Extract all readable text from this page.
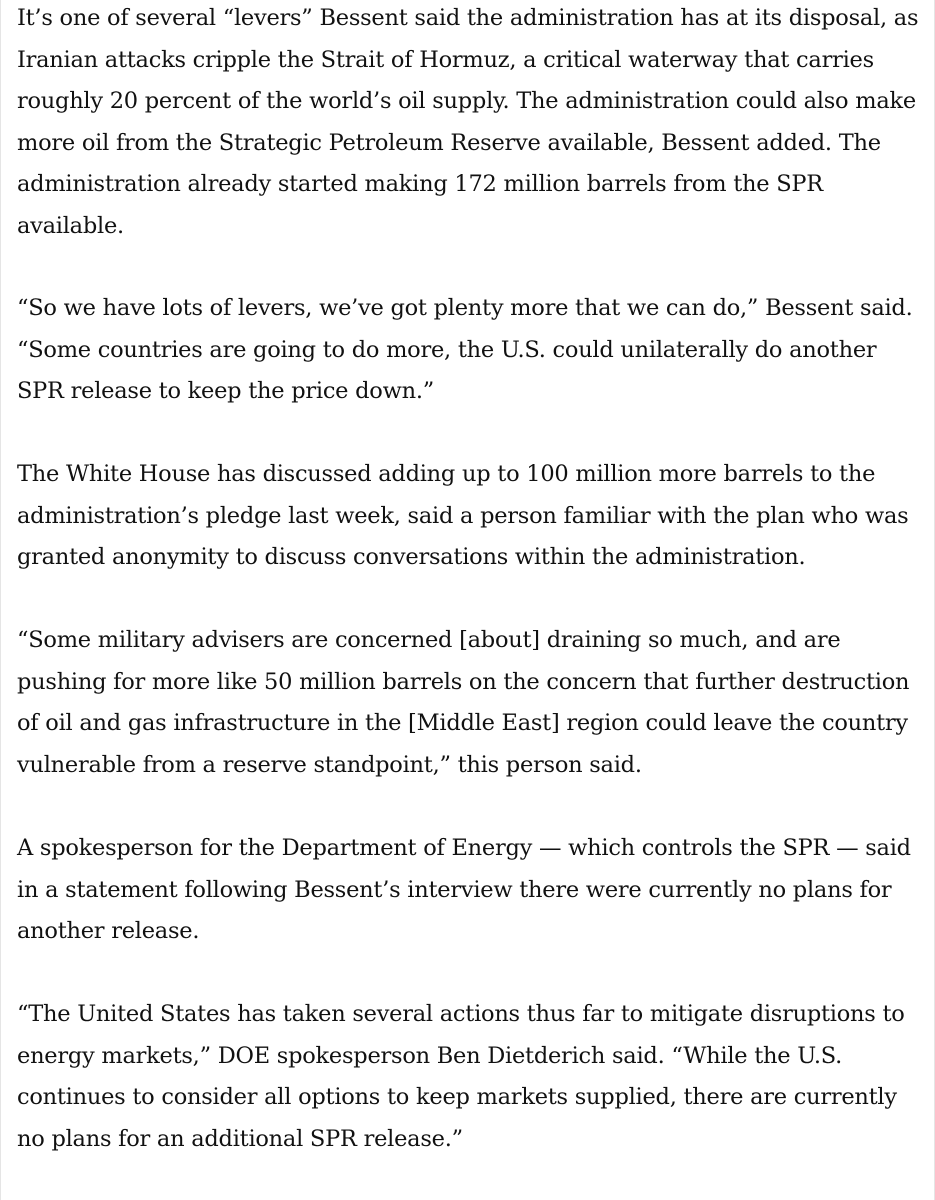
It’s one of several “levers” Bessent said the administration has at its disposal, as Iranian attacks cripple the Strait of Hormuz, a critical waterway that carries roughly 20 percent of the world’s oil supply. The administration could also make more oil from the Strategic Petroleum Reserve available, Bessent added. The administration already started making 172 million barrels from the SPR available.

“So we have lots of levers, we’ve got plenty more that we can do,” Bessent said. “Some countries are going to do more, the U.S. could unilaterally do another SPR release to keep the price down.”

The White House has discussed adding up to 100 million more barrels to the administration’s pledge last week, said a person familiar with the plan who was granted anonymity to discuss conversations within the administration.

“Some military advisers are concerned [about] draining so much, and are pushing for more like 50 million barrels on the concern that further destruction of oil and gas infrastructure in the [Middle East] region could leave the country vulnerable from a reserve standpoint,” this person said.

A spokesperson for the Department of Energy — which controls the SPR — said in a statement following Bessent’s interview there were currently no plans for another release.

“The United States has taken several actions thus far to mitigate disruptions to energy markets,” DOE spokesperson Ben Dietderich said. “While the U.S. continues to consider all options to keep markets supplied, there are currently no plans for an additional SPR release.”
